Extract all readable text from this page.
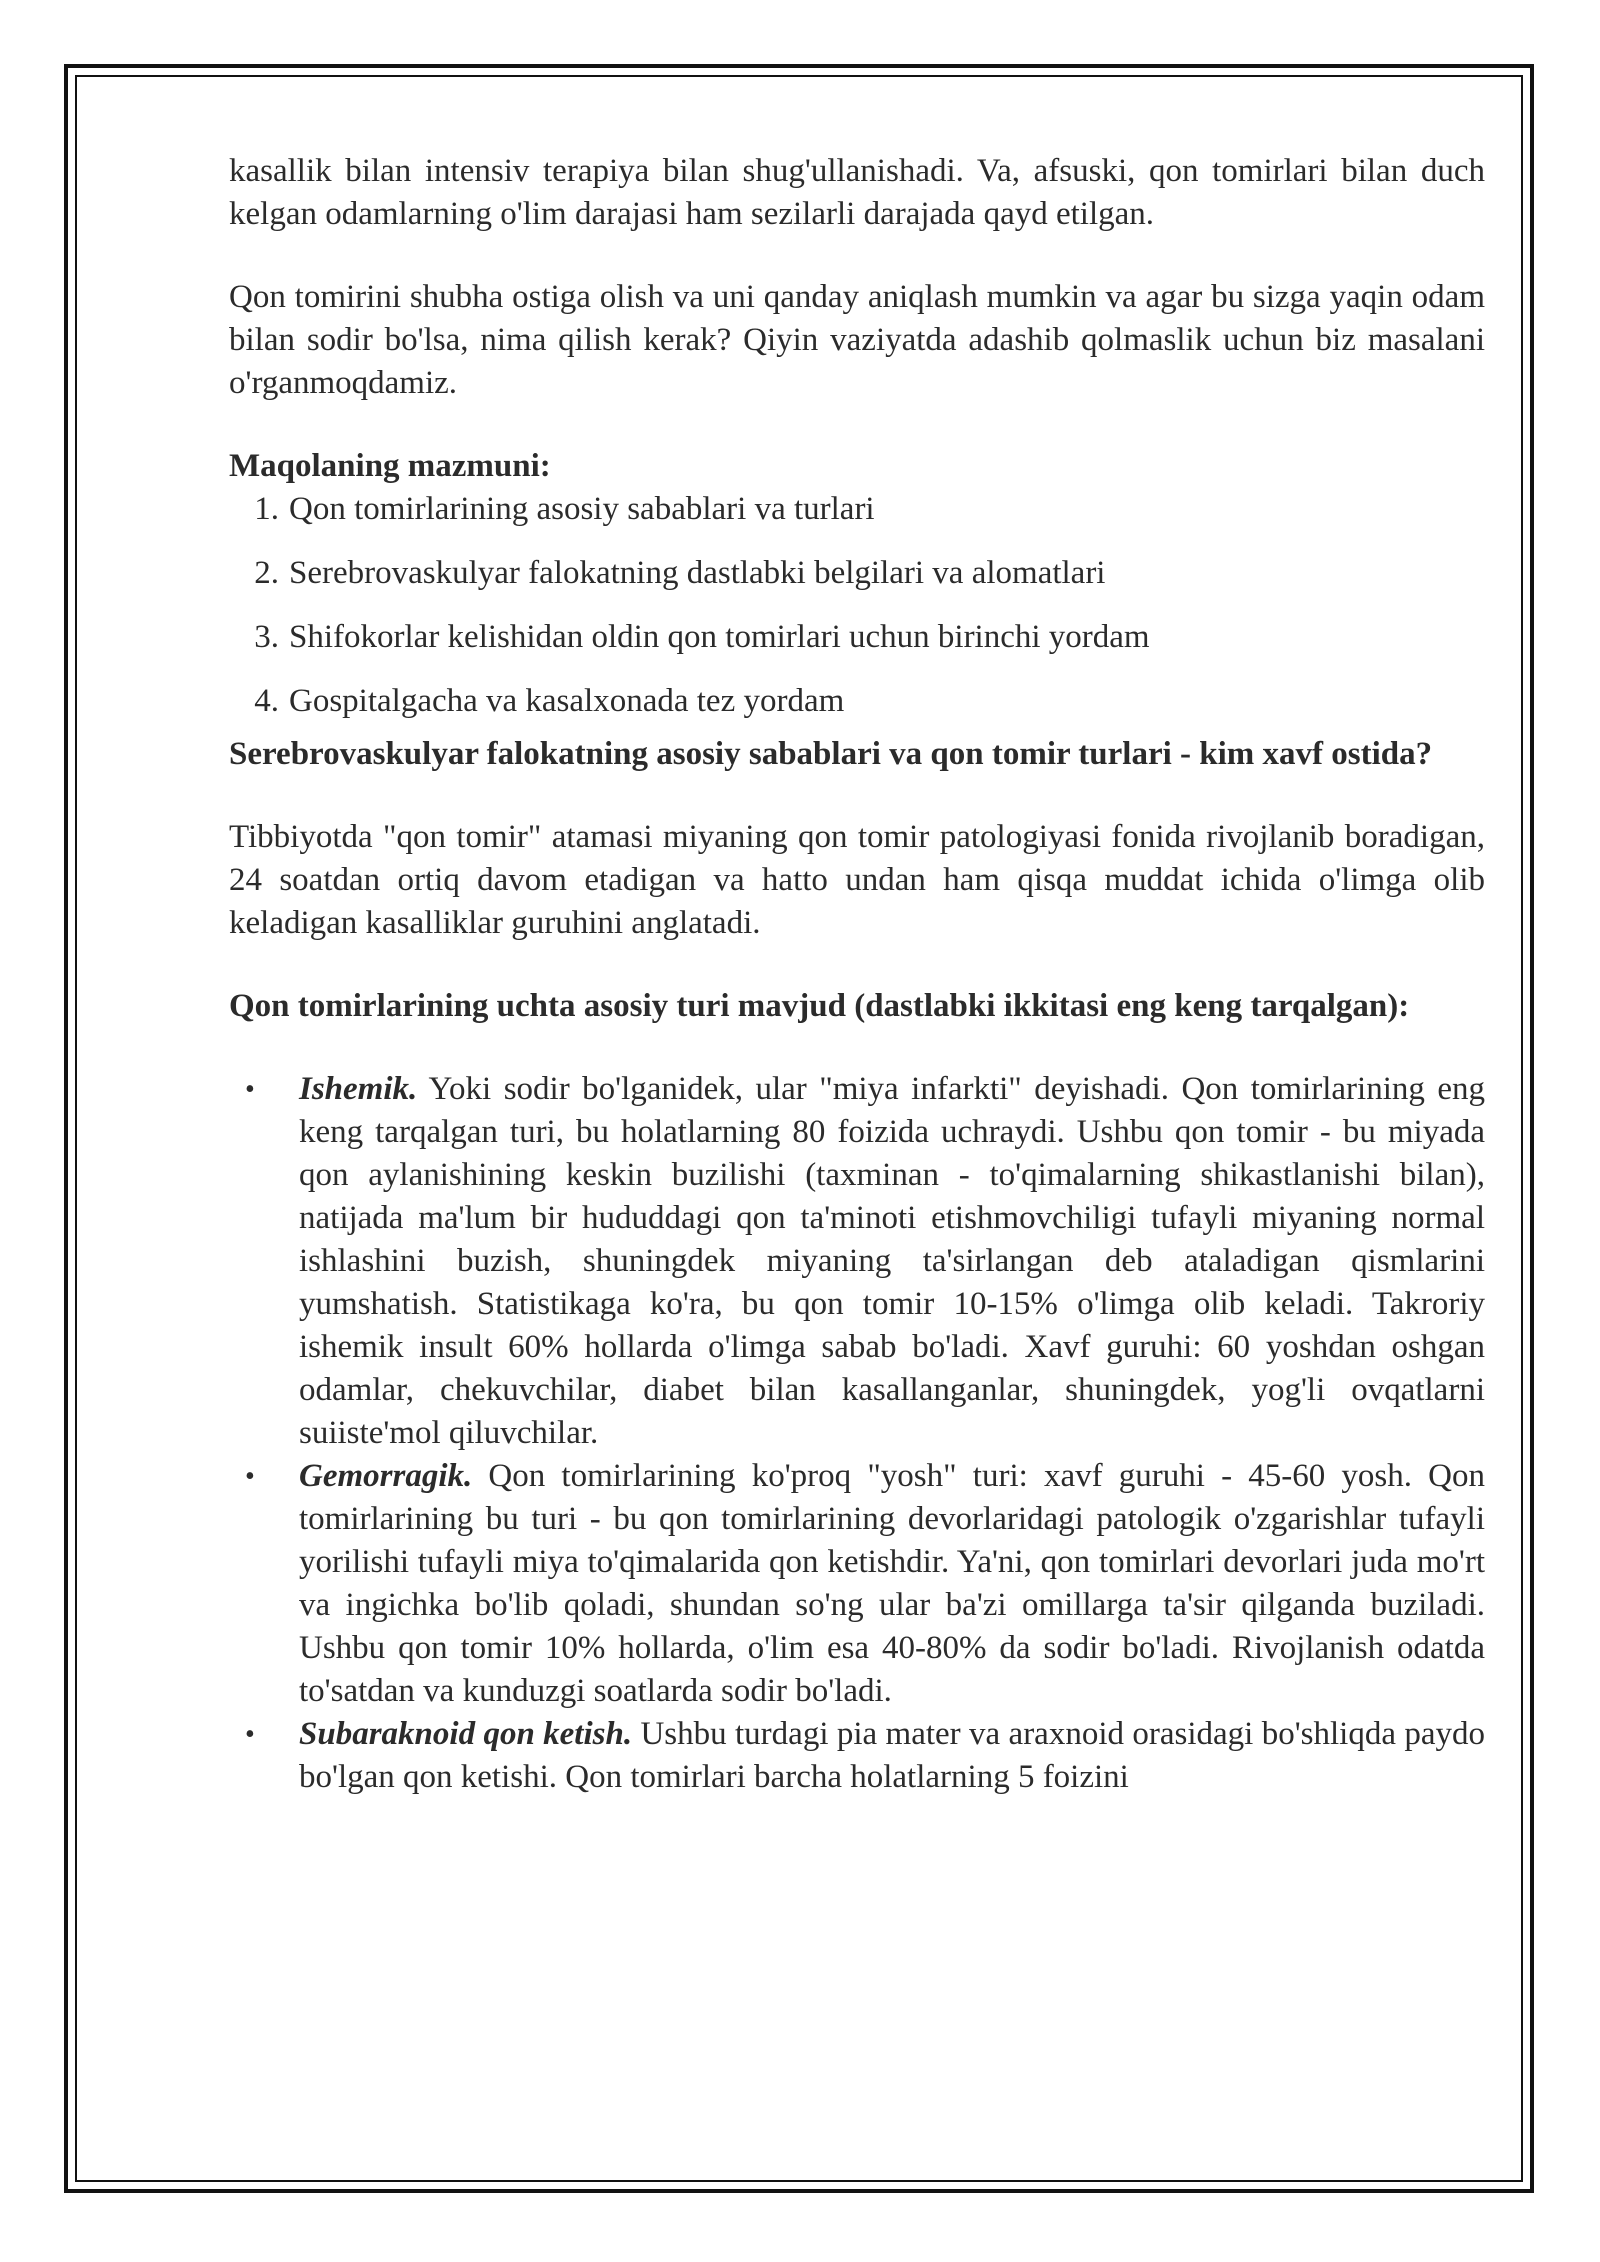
kasallik bilan intensiv terapiya bilan shug'ullanishadi. Va, afsuski, qon tomirlari bilan duch kelgan odamlarning o'lim darajasi ham sezilarli darajada qayd etilgan.

Qon tomirini shubha ostiga olish va uni qanday aniqlash mumkin va agar bu sizga yaqin odam bilan sodir bo'lsa, nima qilish kerak? Qiyin vaziyatda adashib qolmaslik uchun biz masalani o'rganmoqdamiz.

Maqolaning mazmuni:

1. Qon tomirlarining asosiy sabablari va turlari
2. Serebrovaskulyar falokatning dastlabki belgilari va alomatlari
3. Shifokorlar kelishidan oldin qon tomirlari uchun birinchi yordam
4. Gospitalgacha va kasalxonada tez yordam
Serebrovaskulyar falokatning asosiy sabablari va qon tomir turlari - kim xavf ostida?

Tibbiyotda "qon tomir" atamasi miyaning qon tomir patologiyasi fonida rivojlanib boradigan, 24 soatdan ortiq davom etadigan va hatto undan ham qisqa muddat ichida o'limga olib keladigan kasalliklar guruhini anglatadi.

Qon tomirlarining uchta asosiy turi mavjud (dastlabki ikkitasi eng keng tarqalgan):
• Ishemik. Yoki sodir bo'lganidek, ular "miya infarkti" deyishadi. Qon tomirlarining eng keng tarqalgan turi, bu holatlarning 80 foizida uchraydi. Ushbu qon tomir - bu miyada qon aylanishining keskin buzilishi (taxminan - to'qimalarning shikastlanishi bilan), natijada ma'lum bir hududdagi qon ta'minoti etishmovchiligi tufayli miyaning normal ishlashini buzish, shuningdek miyaning ta'sirlangan deb ataladigan qismlarini yumshatish. Statistikaga ko'ra, bu qon tomir 10-15% o'limga olib keladi. Takroriy ishemik insult 60% hollarda o'limga sabab bo'ladi. Xavf guruhi: 60 yoshdan oshgan odamlar, chekuvchilar, diabet bilan kasallanganlar, shuningdek, yog'li ovqatlarni suiiste'mol qiluvchilar.
• Gemorragik. Qon tomirlarining ko'proq "yosh" turi: xavf guruhi - 45-60 yosh. Qon tomirlarining bu turi - bu qon tomirlarining devorlaridagi patologik o'zgarishlar tufayli yorilishi tufayli miya to'qimalarida qon ketishdir. Ya'ni, qon tomirlari devorlari juda mo'rt va ingichka bo'lib qoladi, shundan so'ng ular ba'zi omillarga ta'sir qilganda buziladi. Ushbu qon tomir 10% hollarda, o'lim esa 40-80% da sodir bo'ladi. Rivojlanish odatda to'satdan va kunduzgi soatlarda sodir bo'ladi.
• Subaraknoid qon ketish. Ushbu turdagi pia mater va araxnoid orasidagi bo'shliqda paydo bo'lgan qon ketishi. Qon tomirlari barcha holatlarning 5 foizini
